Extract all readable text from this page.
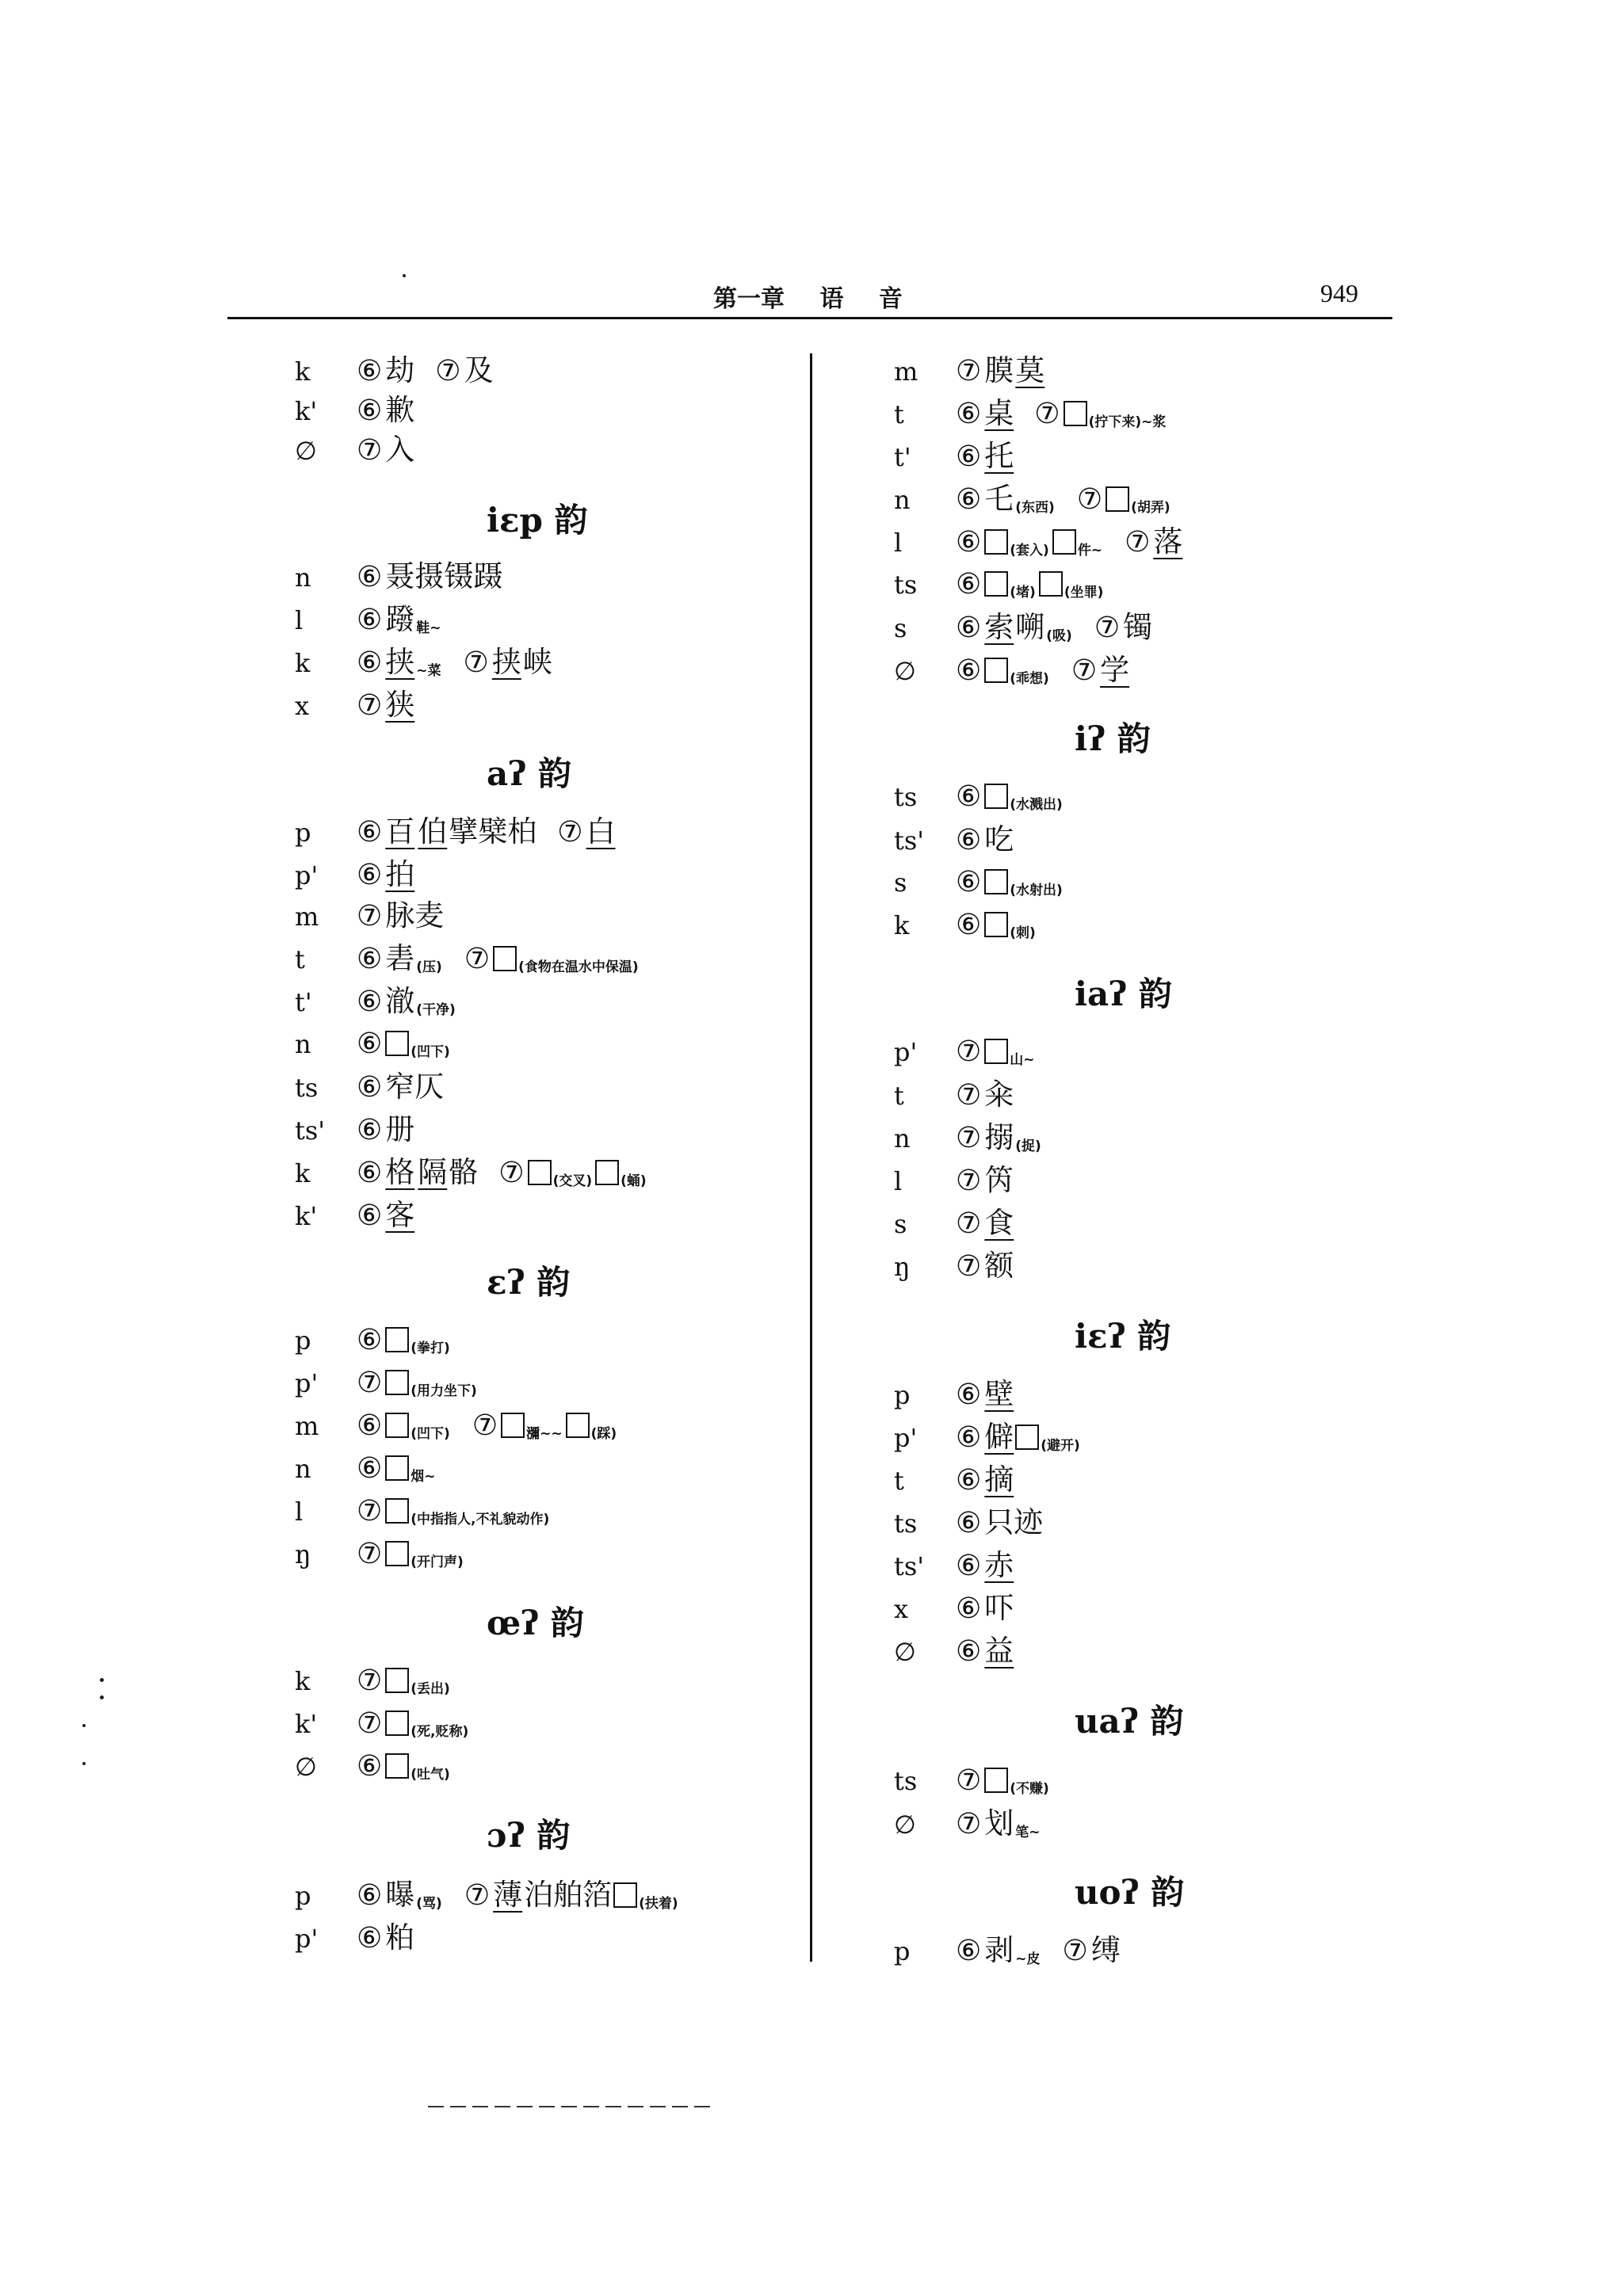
第一章 语 音	949
k	⑥ 劫 ⑦ 及
k'	⑥ 歉
∅	⑦ 入
iɛp 韵
n	⑥ 聂摄镊蹑
l	⑥ 蹳 鞋~
k	⑥ 挟 ~菜 ⑦ 挟 峡
x	⑦ 狭
aʔ 韵
p	⑥ 百 伯 擘檗柏 ⑦ 白
p'	⑥ 拍
m	⑦ 脉麦
t	⑥ 砉 (压) ⑦ (食物在温水中保温)
t'	⑥ 澈 (干净)
n	⑥ (凹下)
ts	⑥ 窄仄
ts'	⑥ 册
k	⑥ 格 隔 骼 ⑦ (交叉) (蛹)
k'	⑥ 客
ɛʔ 韵
p	⑥ (拳打)
p'	⑦ (用力坐下)
m	⑥ (凹下) ⑦ 瀰~~ (踩)
n	⑥ 烟~
l	⑦ (中指指人,不礼貌动作)
ŋ	⑦ (开门声)
œʔ 韵
k	⑦ (丢出)
k'	⑦ (死,贬称)
∅	⑥ (吐气)
ɔʔ 韵
p	⑥ 曝 (骂) ⑦ 薄 泊舶箔 (扶着)
p'	⑥ 粕
m	⑦ 膜 莫
t	⑥ 桌 ⑦ (拧下来)~浆
t'	⑥ 托
n	⑥ 乇 (东西) ⑦ (胡弄)
l	⑥ (套入) 件~ ⑦ 落
ts	⑥ (堵) (坐罪)
s	⑥ 索 嗍 (吸) ⑦ 镯
∅	⑥ (乖想) ⑦ 学
iʔ 韵
ts	⑥ (水溅出)
ts'	⑥ 吃
s	⑥ (水射出)
k	⑥ (刺)
iaʔ 韵
p'	⑦ 山~
t	⑦ 籴
n	⑦ 搦 (捉)
l	⑦ 笍
s	⑦ 食
ŋ	⑦ 额
iɛʔ 韵
p	⑥ 壁
p'	⑥ 僻 (避开)
t	⑥ 摘
ts	⑥ 只迹
ts'	⑥ 赤
x	⑥ 吓
∅	⑥ 益
uaʔ 韵
ts	⑦ (不赚)
∅	⑦ 划 笔~
uoʔ 韵
p	⑥ 剥 ~皮 ⑦ 缚
